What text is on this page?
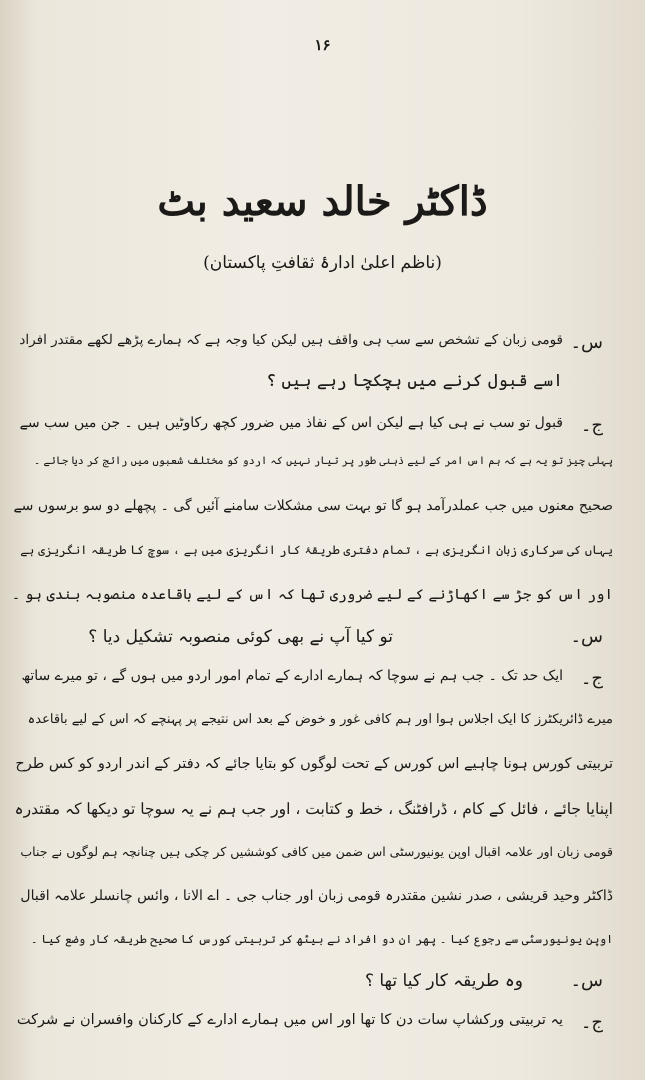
۱۶
ڈاکٹر خالد سعید بٹ
(ناظم اعلیٰ ادارۂ ثقافتِ پاکستان)
س۔
قومی زبان کے تشخص سے سب ہی واقف ہیں لیکن کیا وجہ ہے کہ ہمارے پڑھے لکھے مقتدر افراد
اسے قبول کرنے میں ہچکچا رہے ہیں ؟
ج۔
قبول تو سب نے ہی کیا ہے لیکن اس کے نفاذ میں ضرور کچھ رکاوٹیں ہیں ۔ جن میں سب سے
پہلی چیز تو یہ ہے کہ ہم اس امر کے لیے ذہنی طور پر تیار نہیں کہ اردو کو مختلف شعبوں میں رائج کر دیا جائے ۔
صحیح معنوں میں جب عملدرآمد ہو گا تو بہت سی مشکلات سامنے آئیں گی ۔ پچھلے دو سو برسوں سے
یہاں کی سرکاری زبان انگریزی ہے ، تمام دفتری طریقۂ کار انگریزی میں ہے ، سوچ کا طریقہ انگریزی ہے
اور اس کو جڑ سے اکھاڑنے کے لیے ضروری تھا کہ اس کے لیے باقاعدہ منصوبہ بندی ہو ۔
س۔
تو کیا آپ نے بھی کوئی منصوبہ تشکیل دیا ؟
ج۔
ایک حد تک ۔ جب ہم نے سوچا کہ ہمارے ادارے کے تمام امور اردو میں ہوں گے ، تو میرے ساتھ
میرے ڈائریکٹرز کا ایک اجلاس ہوا اور ہم کافی غور و خوض کے بعد اس نتیجے پر پہنچے کہ اس کے لیے باقاعدہ
تربیتی کورس ہونا چاہیے اس کورس کے تحت لوگوں کو بتایا جائے کہ دفتر کے اندر اردو کو کس طرح
اپنایا جائے ، فائل کے کام ، ڈرافٹنگ ، خط و کتابت ، اور جب ہم نے یہ سوچا تو دیکھا کہ مقتدرہ
قومی زبان اور علامہ اقبال اوپن یونیورسٹی اس ضمن میں کافی کوششیں کر چکی ہیں چنانچہ ہم لوگوں نے جناب
ڈاکٹر وحید قریشی ، صدر نشین مقتدرہ قومی زبان اور جناب جی ۔ اے الانا ، وائس چانسلر علامہ اقبال
اوپن یونیورسٹی سے رجوع کیا ۔ پھر ان دو افراد نے بیٹھ کر تربیتی کورس کا صحیح طریقہ کار وضع کیا ۔
س۔
وہ طریقہ کار کیا تھا ؟
ج۔
یہ تربیتی ورکشاپ سات دن کا تھا اور اس میں ہمارے ادارے کے کارکنان وافسران نے شرکت
